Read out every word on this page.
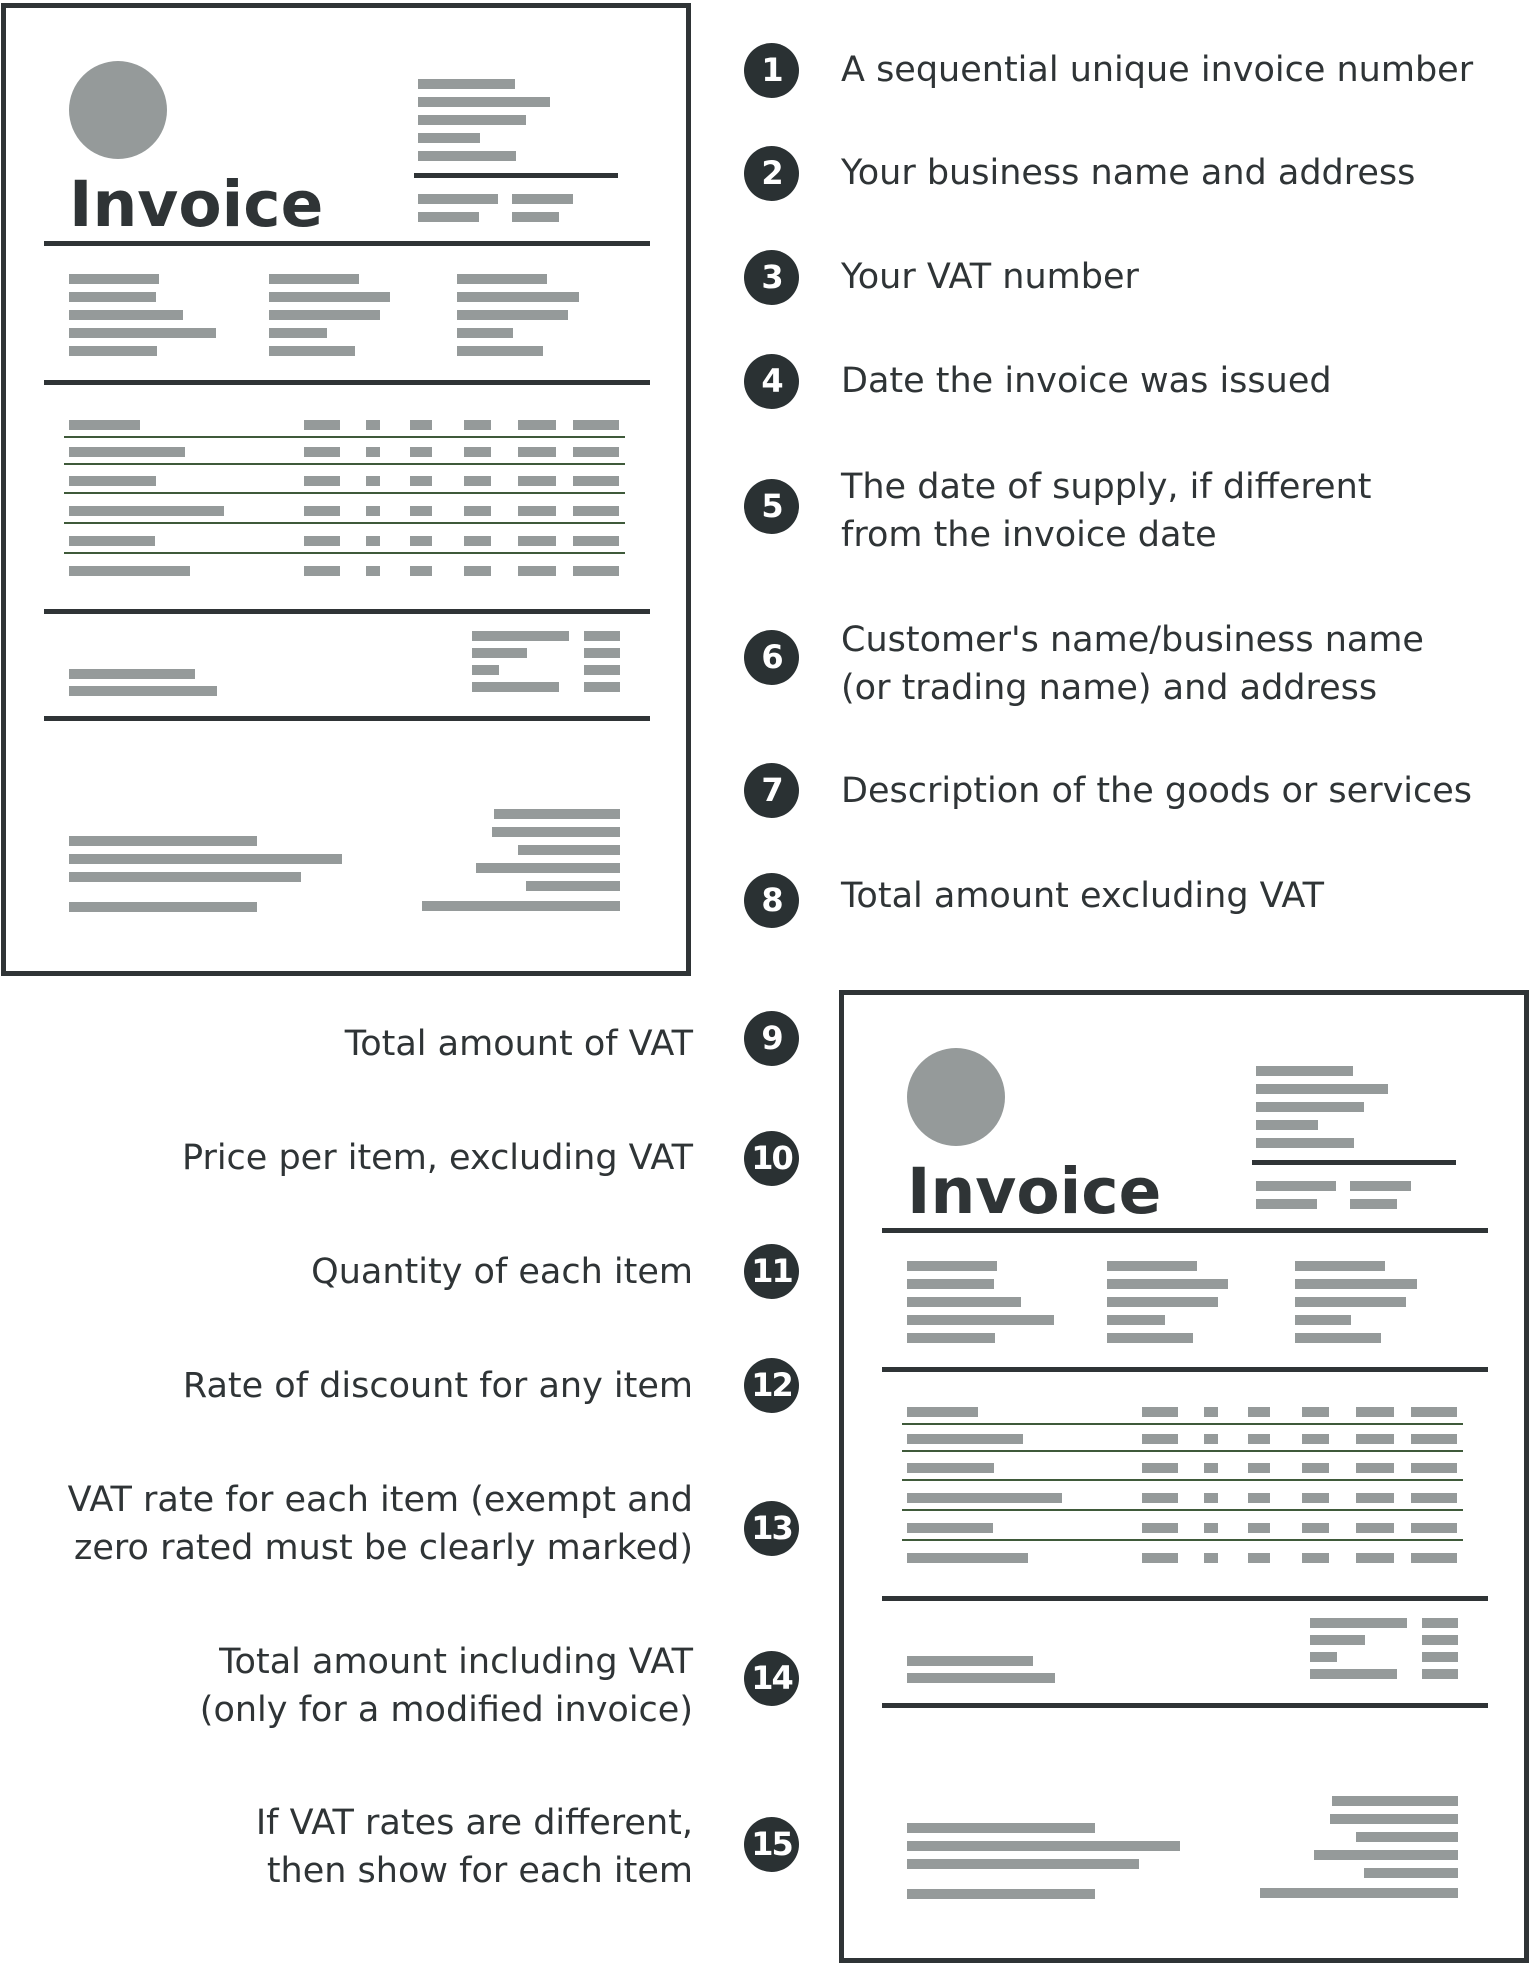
Invoice
Invoice
1	A sequential unique invoice number
2	Your business name and address
3	Your VAT number
4	Date the invoice was issued
5	The date of supply, if different
from the invoice date
6	Customer's name/business name
(or trading name) and address
7	Description of the goods or services
8	Total amount excluding VAT
9
Total amount of VAT
10
Price per item, excluding VAT
11
Quantity of each item
12
Rate of discount for any item
13
VAT rate for each item (exempt and
zero rated must be clearly marked)
14
Total amount including VAT
(only for a modified invoice)
15
If VAT rates are different,
then show for each item
